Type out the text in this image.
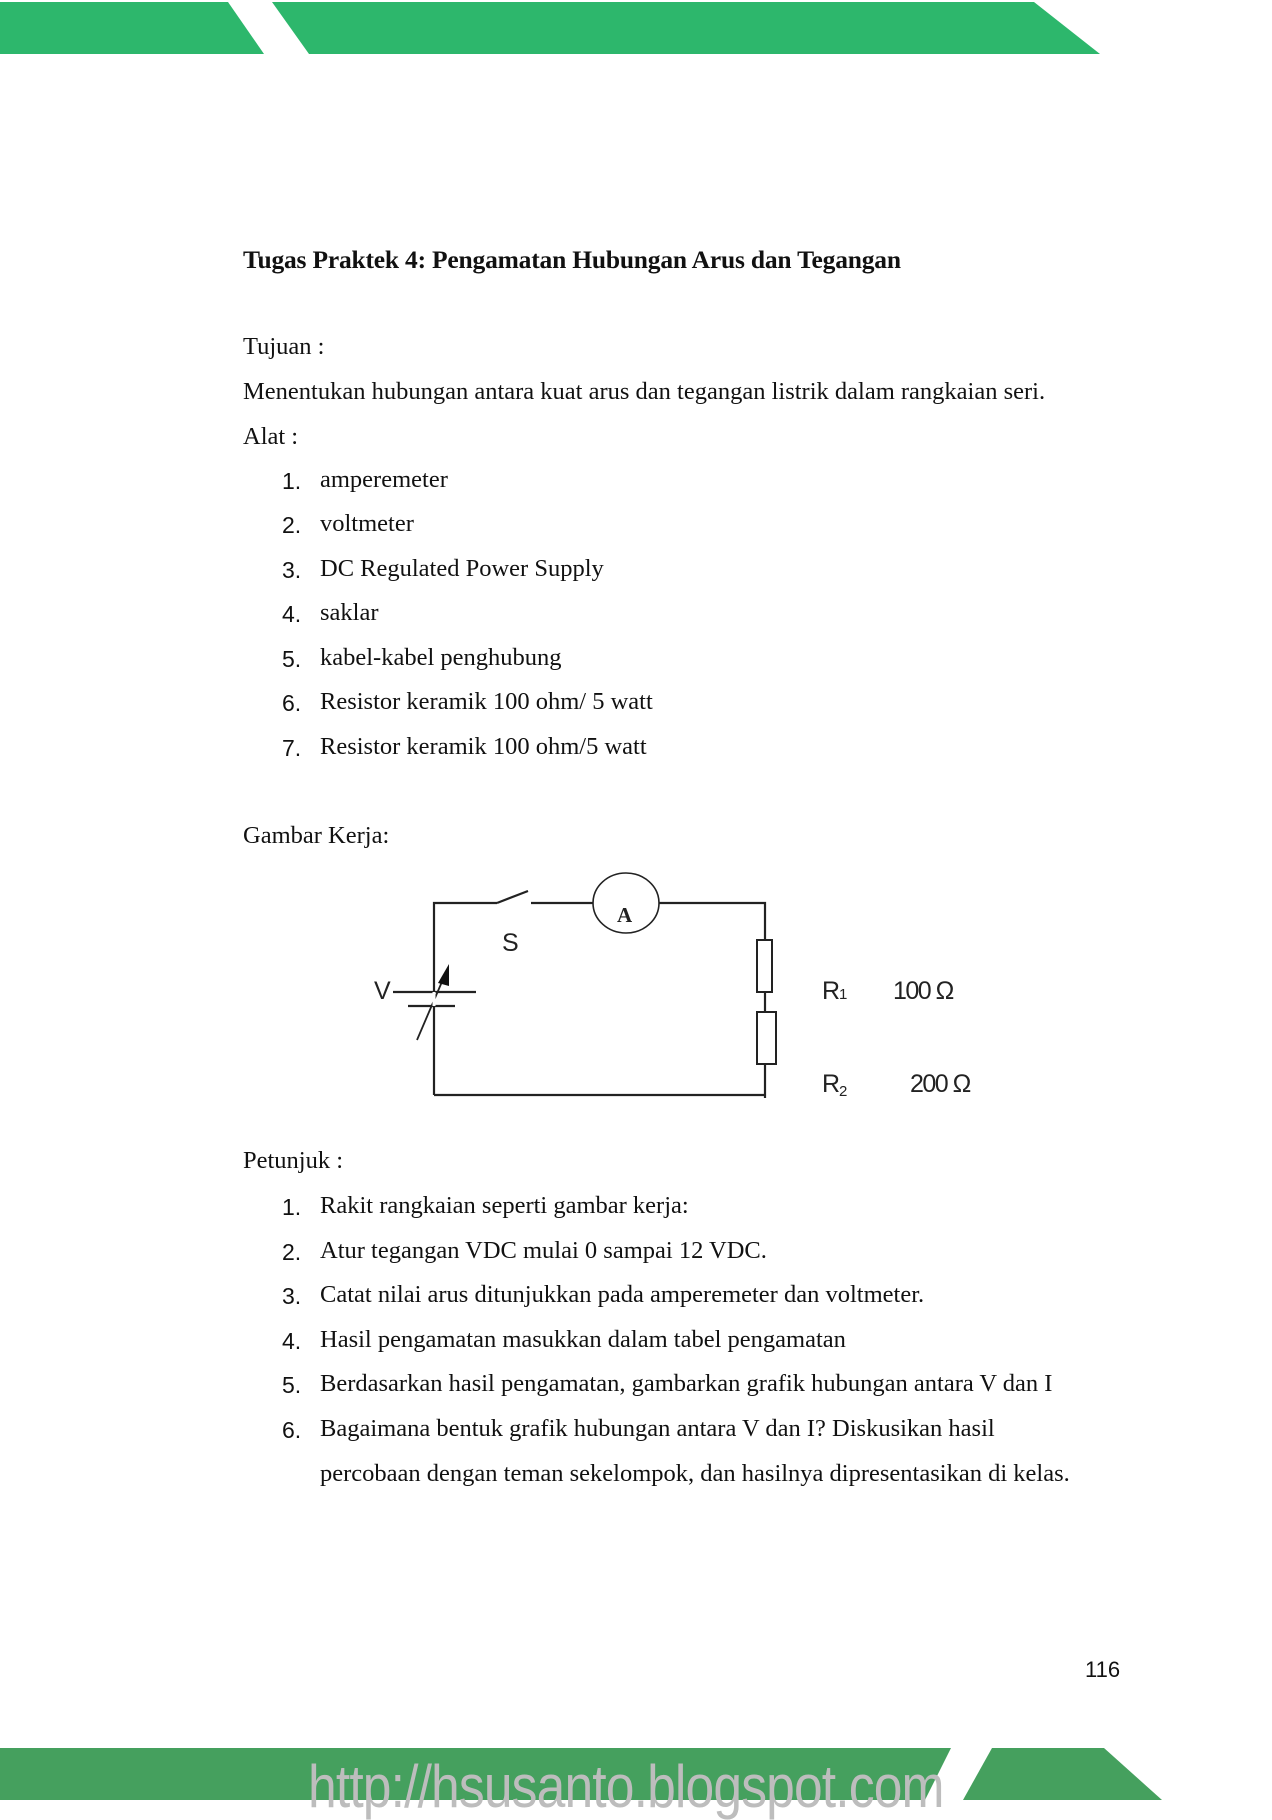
Tugas Praktek 4: Pengamatan Hubungan Arus dan Tegangan
Tujuan :
Menentukan hubungan antara kuat arus dan tegangan listrik dalam rangkaian seri.
Alat :
1. amperemeter
2. voltmeter
3. DC Regulated Power Supply
4. saklar
5. kabel-kabel penghubung
6. Resistor keramik 100 ohm/ 5 watt
7. Resistor keramik 100 ohm/5 watt
Gambar Kerja:
V
S
A
R 1 100 Ω
R 2	200 Ω
Petunjuk :
1. Rakit rangkaian seperti gambar kerja:
2. Atur tegangan VDC mulai 0 sampai 12 VDC.
3. Catat nilai arus ditunjukkan pada amperemeter dan voltmeter.
4. Hasil pengamatan masukkan dalam tabel pengamatan
5. Berdasarkan hasil pengamatan, gambarkan grafik hubungan antara V dan I
6. Bagaimana bentuk grafik hubungan antara V dan I? Diskusikan hasil
percobaan dengan teman sekelompok, dan hasilnya dipresentasikan di kelas.
116
http://hsusanto.blogspot.com
